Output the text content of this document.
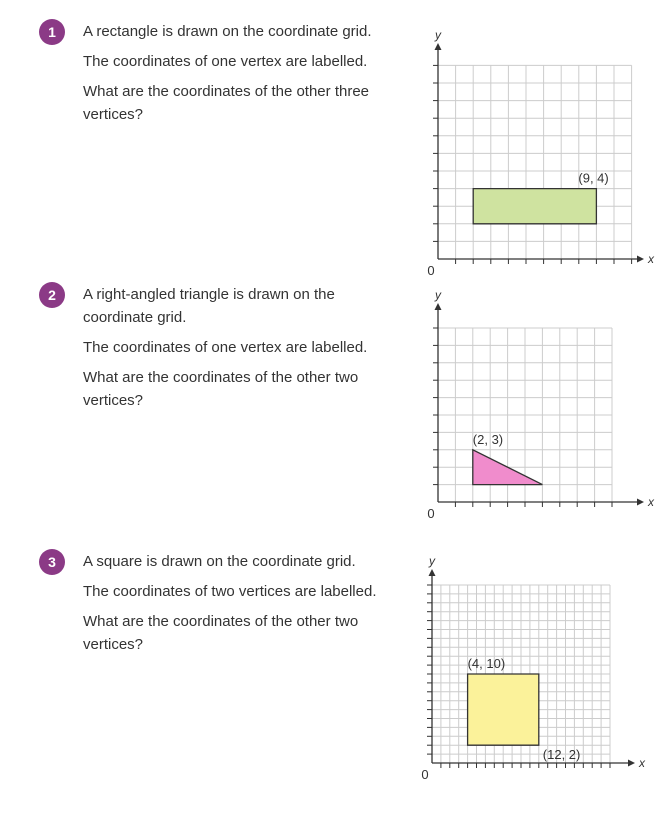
1	A rectangle is drawn on the coordinate grid.

The coordinates of one vertex are labelled.

What are the coordinates of the other three vertices?

x
y
0
(9, 4)
2	A right-angled triangle is drawn on the coordinate grid.

The coordinates of one vertex are labelled.

What are the coordinates of the other two vertices?

x
y
0
(2, 3)
3	A square is drawn on the coordinate grid.

The coordinates of two vertices are labelled.

What are the coordinates of the other two vertices?

x
y
0
(4, 10)
(12, 2)
